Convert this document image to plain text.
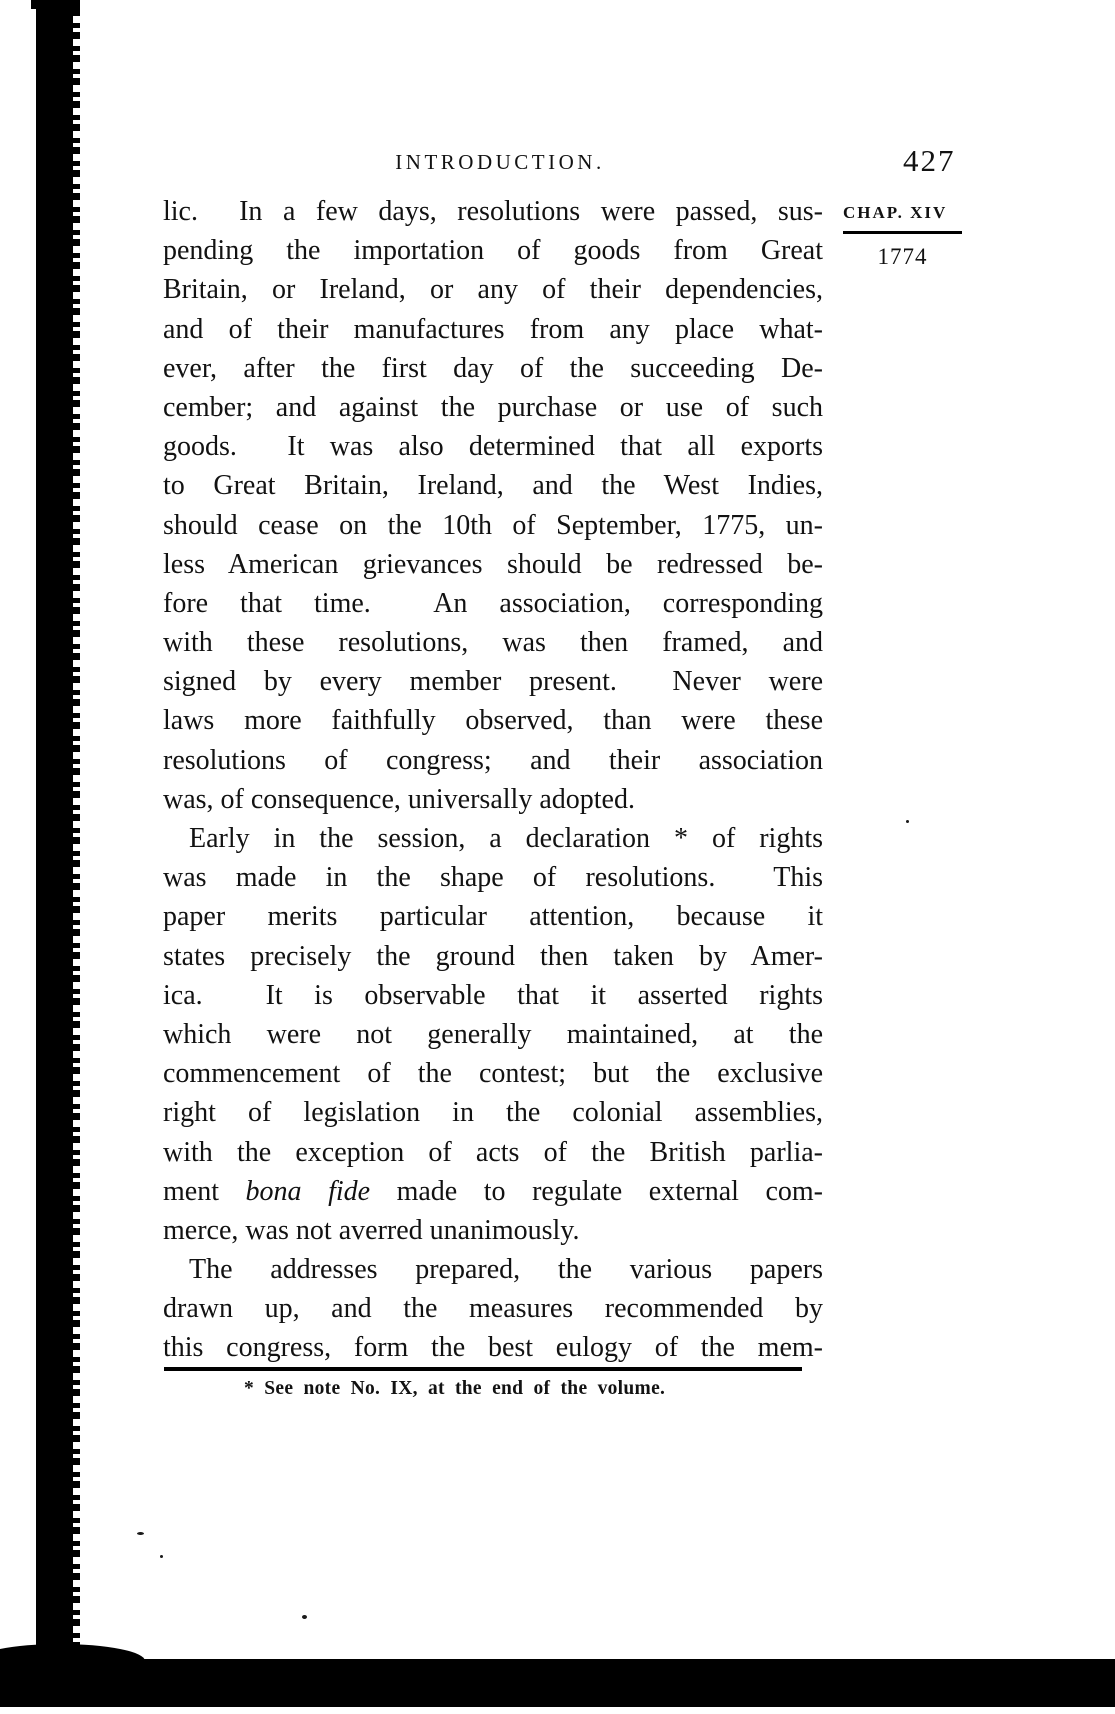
INTRODUCTION.	427
CHAP. XIV
1774
lic.  In a few days, resolutions were passed, sus-
pending the importation of goods from Great
Britain, or Ireland, or any of their dependencies,
and of their manufactures from any place what-
ever, after the first day of the succeeding De-
cember; and against the purchase or use of such
goods.  It was also determined that all exports
to Great Britain, Ireland, and the West Indies,
should cease on the 10th of September, 1775, un-
less American grievances should be redressed be-
fore that time.  An association, corresponding
with these resolutions, was then framed, and
signed by every member present.  Never were
laws more faithfully observed, than were these
resolutions of congress; and their association
was, of consequence, universally adopted.
Early in the session, a declaration * of rights
was made in the shape of resolutions.  This
paper merits particular attention, because it
states precisely the ground then taken by Amer-
ica.  It is observable that it asserted rights
which were not generally maintained, at the
commencement of the contest; but the exclusive
right of legislation in the colonial assemblies,
with the exception of acts of the British parlia-
ment bona fide made to regulate external com-
merce, was not averred unanimously.
The addresses prepared, the various papers
drawn up, and the measures recommended by
this congress, form the best eulogy of the mem-
* See note No. IX, at the end of the volume.
